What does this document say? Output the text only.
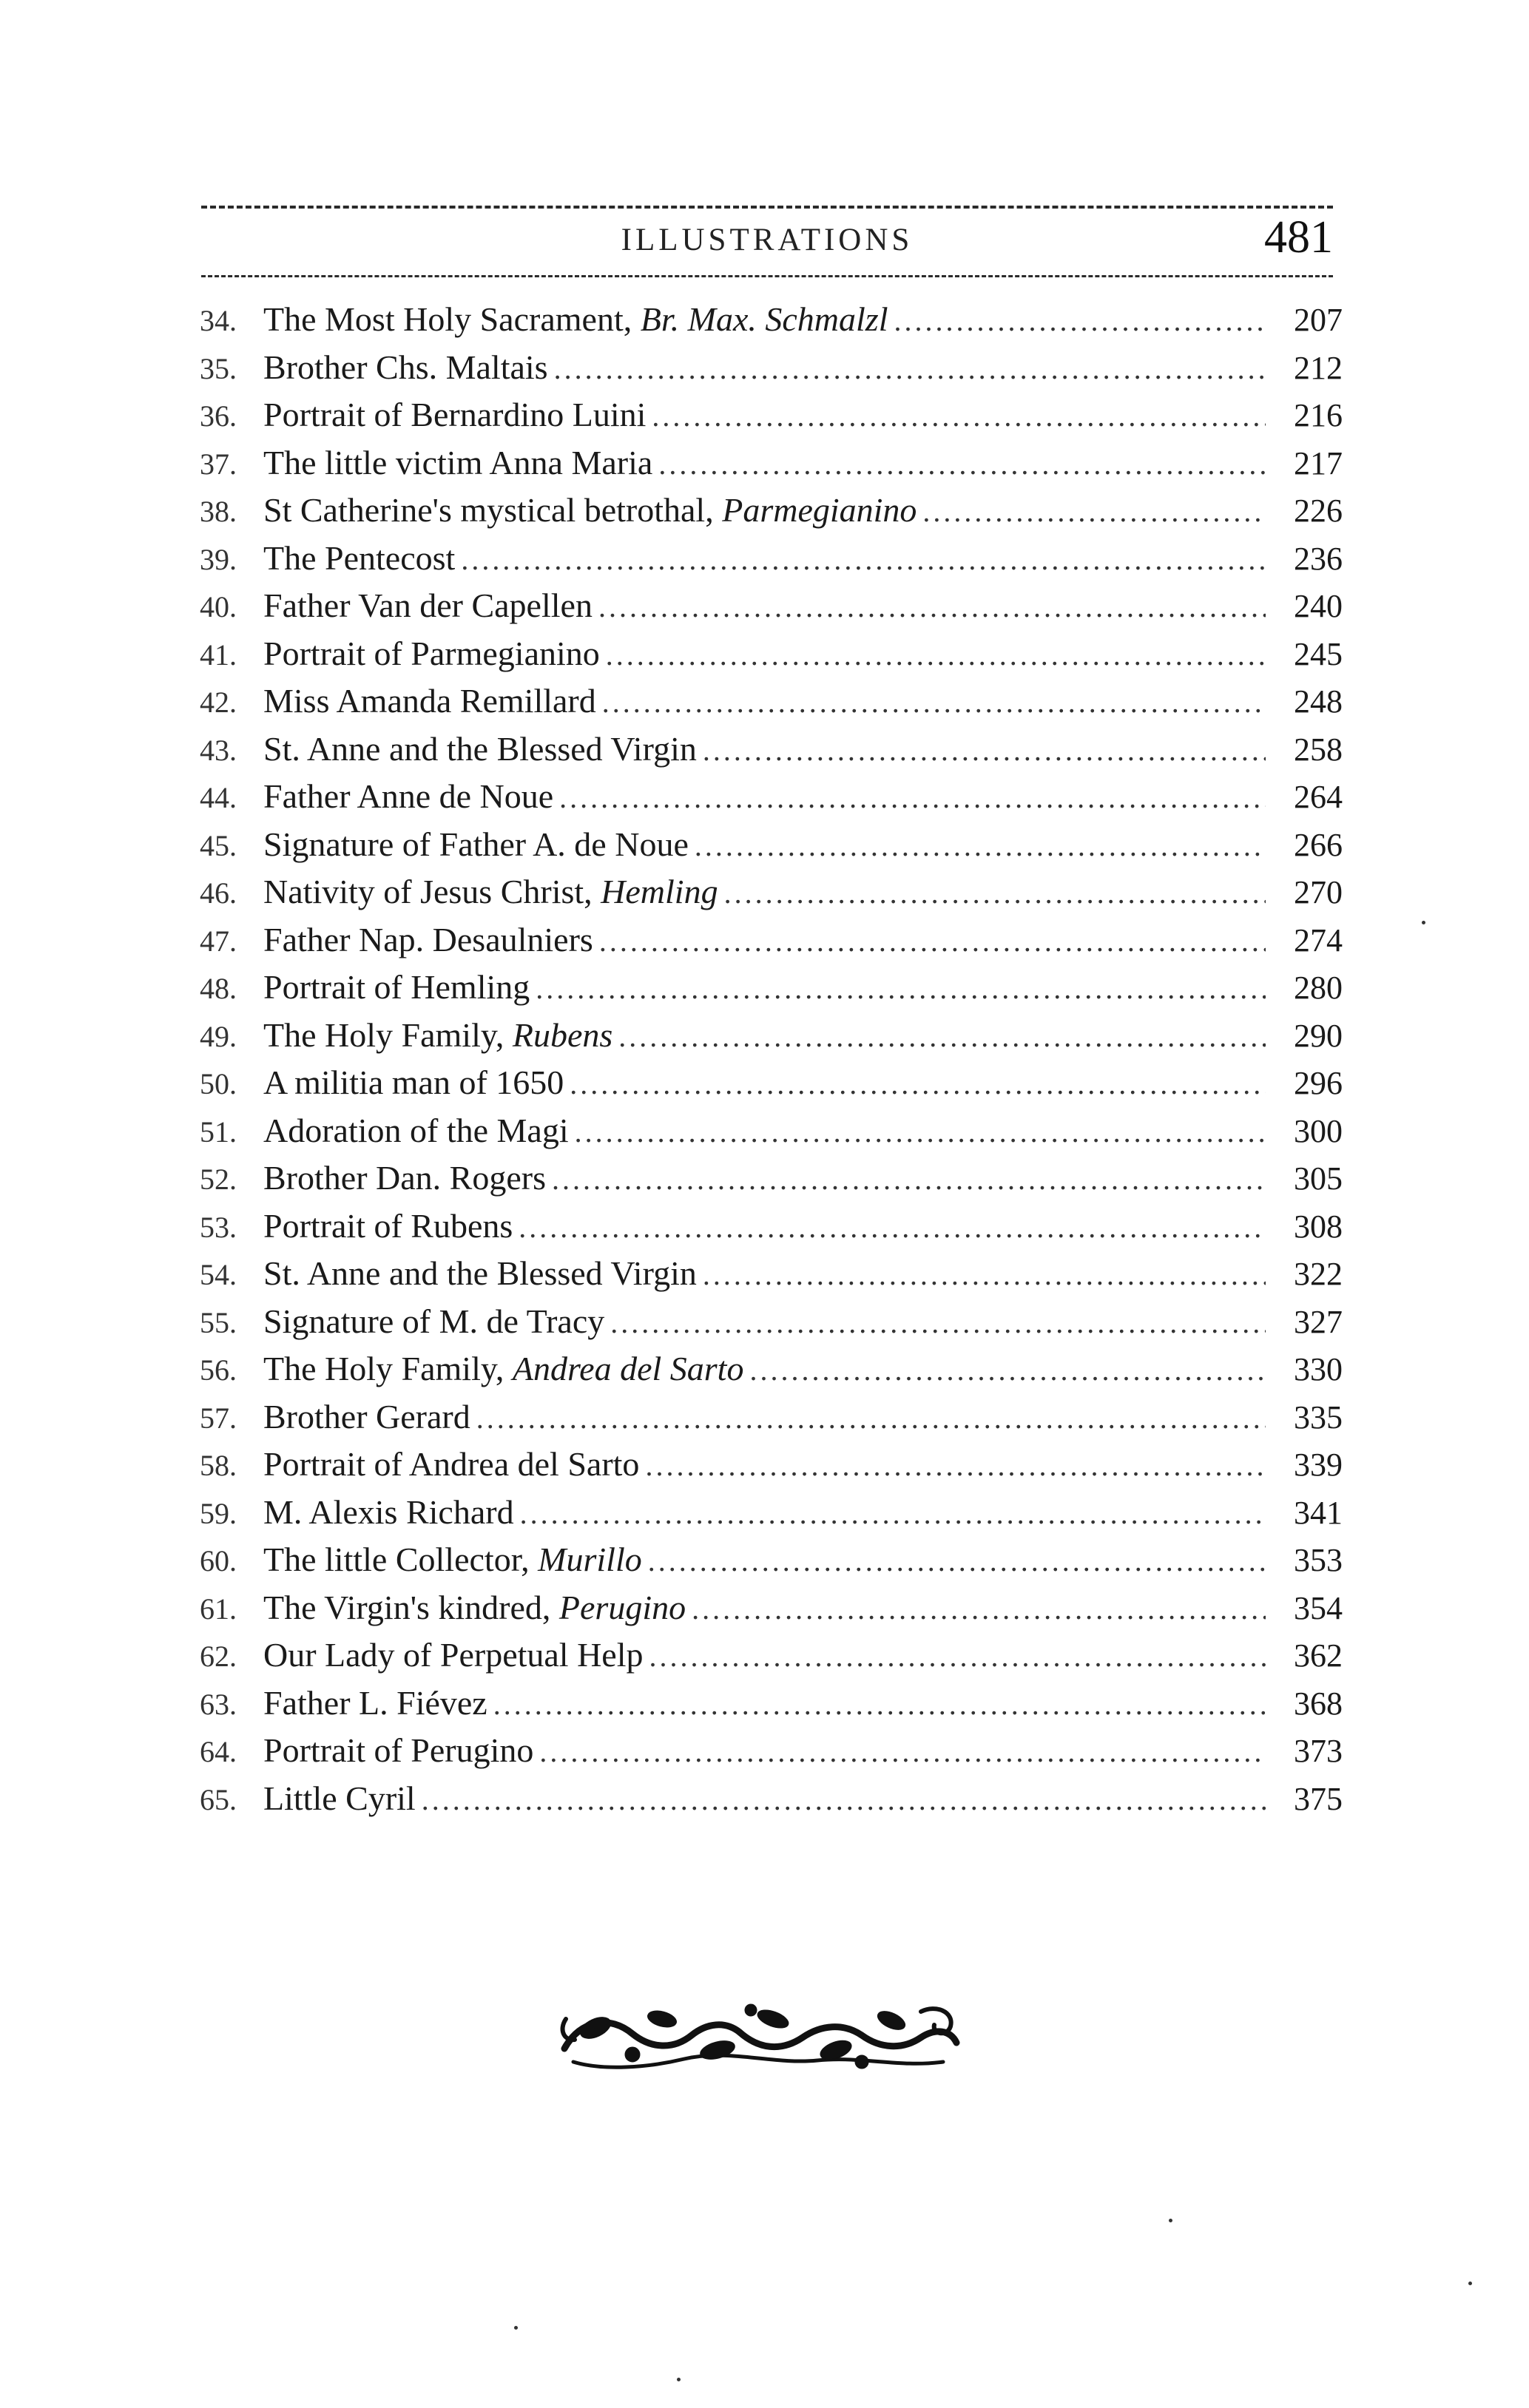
ILLUSTRATIONS	481
34. The Most Holy Sacrament, Br. Max. Schmalzl .....	207
35. Brother Chs. Maltais .....	212
36. Portrait of Bernardino Luini .....	216
37. The little victim Anna Maria .....	217
38. St Catherine's mystical betrothal, Parmegianino .....	226
39. The Pentecost .....	236
40. Father Van der Capellen .....	240
41. Portrait of Parmegianino .....	245
42. Miss Amanda Remillard .....	248
43. St. Anne and the Blessed Virgin .....	258
44. Father Anne de Noue .....	264
45. Signature of Father A. de Noue .....	266
46. Nativity of Jesus Christ, Hemling .....	270
47. Father Nap. Desaulniers .....	274
48. Portrait of Hemling .....	280
49. The Holy Family, Rubens .....	290
50. A militia man of 1650 .....	296
51. Adoration of the Magi .....	300
52. Brother Dan. Rogers .....	305
53. Portrait of Rubens .....	308
54. St. Anne and the Blessed Virgin .....	322
55. Signature of M. de Tracy .....	327
56. The Holy Family, Andrea del Sarto .....	330
57. Brother Gerard .....	335
58. Portrait of Andrea del Sarto .....	339
59. M. Alexis Richard .....	341
60. The little Collector, Murillo .....	353
61. The Virgin's kindred, Perugino .....	354
62. Our Lady of Perpetual Help .....	362
63. Father L. Fiévez .....	368
64. Portrait of Perugino .....	373
65. Little Cyril .....	375
